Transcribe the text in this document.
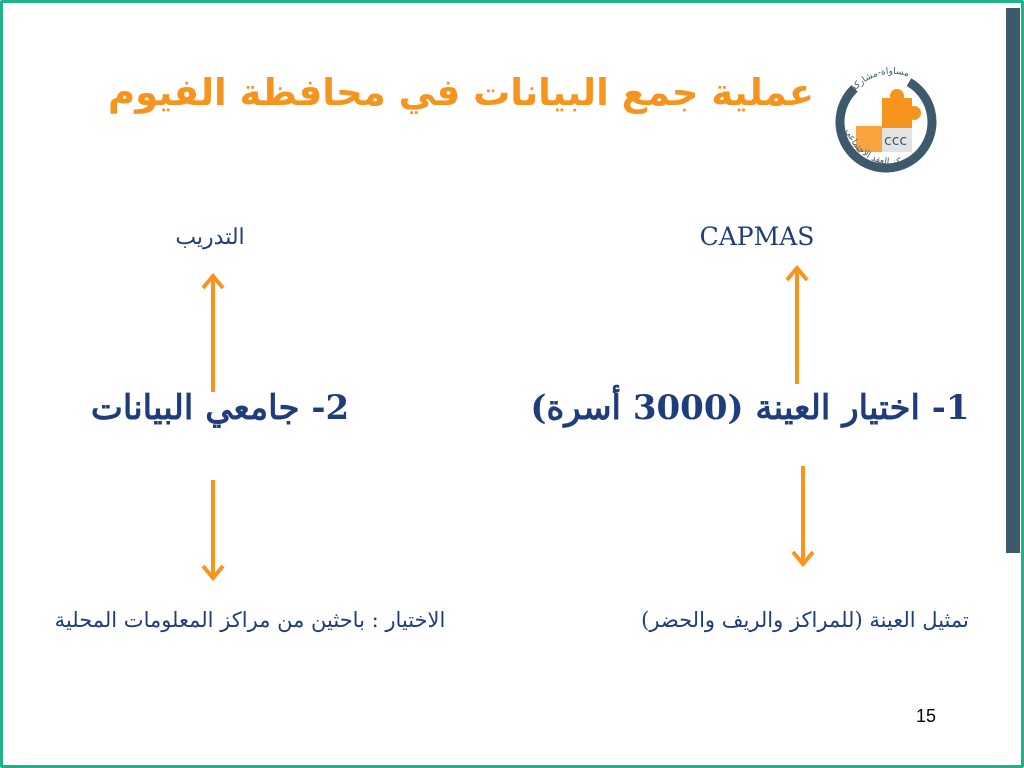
عملية جمع البيانات في محافظة الفيوم
ccc
مساواة-مشاركة-مساءلة
مركز العقد الاجتماعي
CAPMAS
1- اختيار العينة (3000 أسرة)
تمثيل العينة (للمراكز والريف والحضر)
التدريب
2- جامعي البيانات
الاختيار : باحثين من مراكز المعلومات المحلية
15
